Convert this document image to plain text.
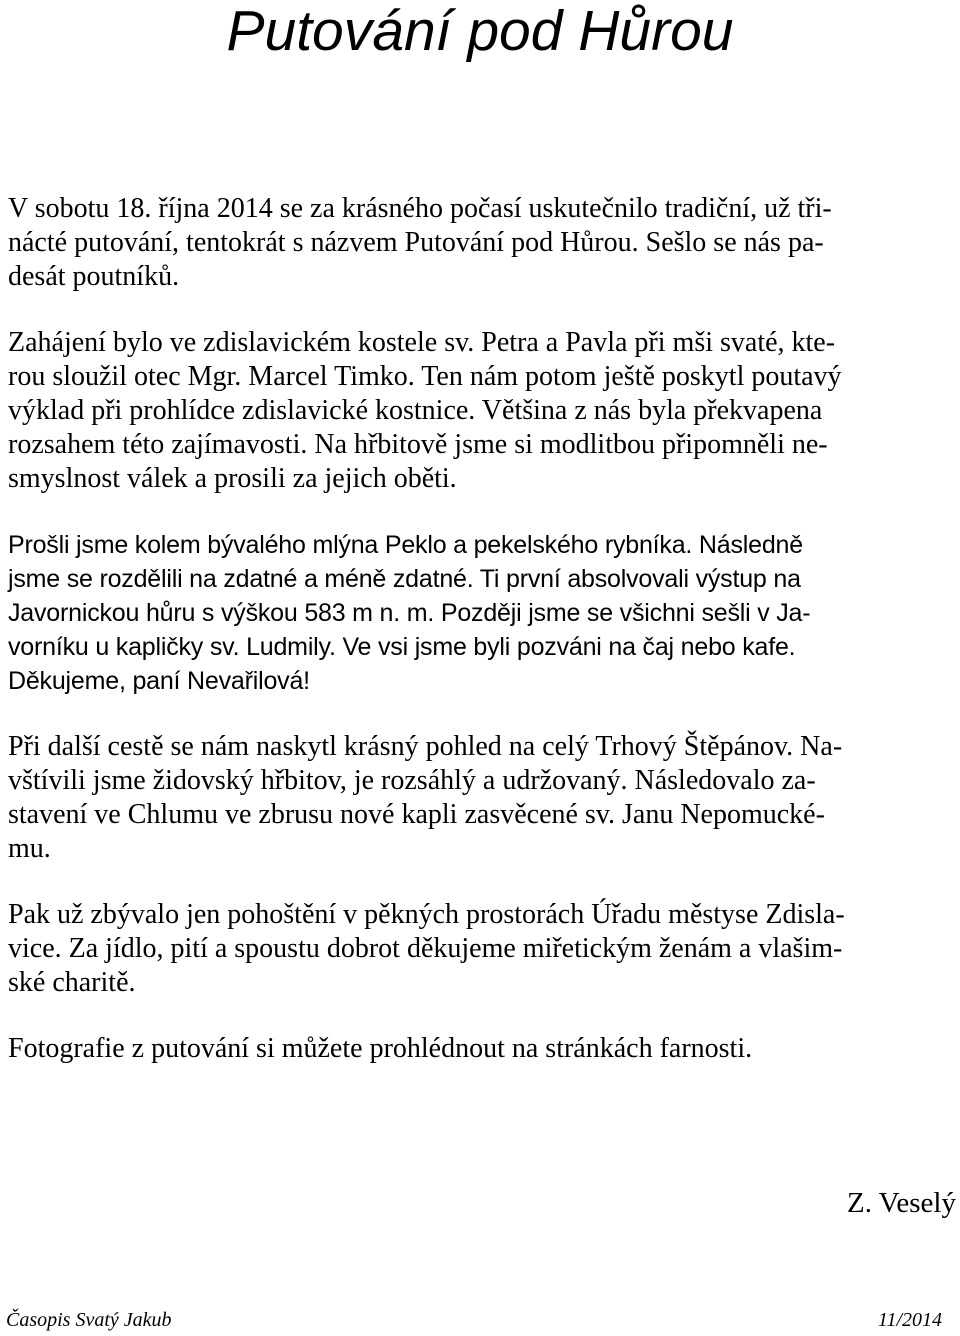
Putování pod Hůrou

V sobotu 18. října 2014 se za krásného počasí uskutečnilo tradiční, už tři-
nácté putování, tentokrát s názvem Putování pod Hůrou. Sešlo se nás pa-
desát poutníků.

Zahájení bylo ve zdislavickém kostele sv. Petra a Pavla při mši svaté, kte-
rou sloužil otec Mgr. Marcel Timko. Ten nám potom ještě poskytl poutavý
výklad při prohlídce zdislavické kostnice. Většina z nás byla překvapena
rozsahem této zajímavosti. Na hřbitově jsme si modlitbou připomněli ne-
smyslnost válek a prosili za jejich oběti.

Prošli jsme kolem bývalého mlýna Peklo a pekelského rybníka. Následně
jsme se rozdělili na zdatné a méně zdatné. Ti první absolvovali výstup na
Javornickou hůru s výškou 583 m n. m. Později jsme se všichni sešli v Ja-
vorníku u kapličky sv. Ludmily. Ve vsi jsme byli pozváni na čaj nebo kafe.
Děkujeme, paní Nevařilová!

Při další cestě se nám naskytl krásný pohled na celý Trhový Štěpánov. Na-
vštívili jsme židovský hřbitov, je rozsáhlý a udržovaný. Následovalo za-
stavení ve Chlumu ve zbrusu nové kapli zasvěcené sv. Janu Nepomucké-
mu.

Pak už zbývalo jen pohoštění v pěkných prostorách Úřadu městyse Zdisla-
vice. Za jídlo, pití a spoustu dobrot děkujeme miřetickým ženám a vlašim-
ské charitě.

Fotografie z putování si můžete prohlédnout na stránkách farnosti.

Z. Veselý
Časopis Svatý Jakub	11/2014
